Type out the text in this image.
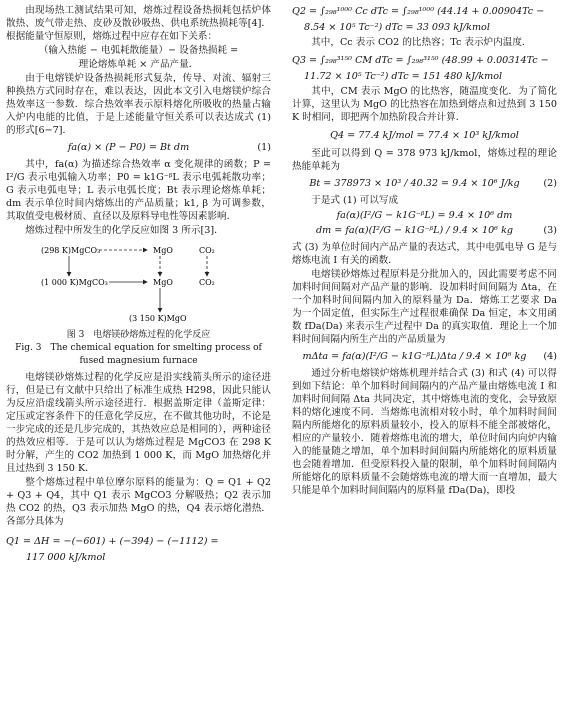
由现场热工测试结果可知，熔炼过程设备热损耗包括炉体散热、废气带走热、皮砂及散砂吸热、供电系统热损耗等[4]．根据能量守恒原则，熔炼过程中应存在如下关系：

（输入热能 − 电弧耗散能量）− 设备热损耗 =

理论熔炼单耗 × 产品产量．

由于电熔镁炉设备热损耗形式复杂，传导、对流、辐射三种换热方式同时存在，难以表达，因此本文引入电熔镁炉综合热效率这一参数．综合热效率表示原料熔化所吸收的热量占输入炉内电能的比值，于是上述能量守恒关系可以表达成式 (1) 的形式[6−7]．

fa(α) × (P − P0) = Bt dm	(1)

其中，fa(α) 为描述综合热效率 α 变化规律的函数；P = I²/G 表示电弧输入功率；P0 = k1G⁻ᵝL 表示电弧耗散功率；G 表示电弧电导；L 表示电弧长度；Bt 表示理论熔炼单耗；dm 表示单位时间内熔炼出的产品质量；k1, β 为可调参数，其取值受电极材质、直径以及原料导电性等因素影响．

熔炼过程中所发生的化学反应如图 3 所示[3]．

(298 K)MgCO₃	MgO	CO₂
(1 000 K)MgCO₃	MgO	CO₂
(3 150 K)MgO

图 3　电熔镁砂熔炼过程的化学反应

Fig. 3　The chemical equation for smelting process of

fused magnesium furnace

电熔镁砂熔炼过程的化学反应是沿实线箭头所示的途径进行，但是已有文献中只给出了标准生成热 H298，因此只能认为反应沿虚线箭头所示途径进行．根据盖斯定律（盖斯定律：定压或定容条件下的任意化学反应，在不做其他功时，不论是一步完成的还是几步完成的，其热效应总是相同的），两种途径的热效应相等．于是可以认为熔炼过程是 MgCO3 在 298 K 时分解，产生的 CO2 加热到 1 000 K，而 MgO 加热熔化并且过热到 3 150 K．

整个熔炼过程中单位摩尔原料的能量为：Q = Q1 + Q2 + Q3 + Q4，其中 Q1 表示 MgCO3 分解吸热；Q2 表示加热 CO2 的热，Q3 表示加热 MgO 的热，Q4 表示熔化潜热．各部分具体为

Q1 = ΔH = −(−601) + (−394) − (−1112) =

117 000 kJ/kmol

Q2 = ∫₂₉₈¹⁰⁰⁰ Cc dTc = ∫₂₉₈¹⁰⁰⁰ (44.14 + 0.00904Tc −

8.54 × 10⁵ Tc⁻²) dTc = 33 093 kJ/kmol

其中，Cc 表示 CO2 的比热容；Tc 表示炉内温度．

Q3 = ∫₂₉₈³¹⁵⁰ CM dTc = ∫₂₉₈³¹⁵⁰ (48.99 + 0.00314Tc −

11.72 × 10⁵ Tc⁻²) dTc = 151 480 kJ/kmol

其中，CM 表示 MgO 的比热容，随温度变化．为了简化计算，这里认为 MgO 的比热容在加热到熔点和过热到 3 150 K 时相同，即把两个加热阶段合并计算．

Q4 = 77.4 kJ/mol = 77.4 × 10³ kJ/kmol

至此可以得到 Q = 378 973 kJ/kmol，熔炼过程的理论热能单耗为

Bt = 378973 × 10³ / 40.32 = 9.4 × 10⁶ J/kg	(2)

于是式 (1) 可以写成

fa(α)(I²/G − k1G⁻ᵝL) = 9.4 × 10⁶ dm

dm = fa(α)(I²/G − k1G⁻ᵝL) / 9.4 × 10⁶ kg	(3)

式 (3) 为单位时间内产品产量的表达式，其中电弧电导 G 是与熔炼电流 I 有关的函数．

电熔镁砂熔炼过程原料是分批加入的，因此需要考虑不同加料时间间隔对产品产量的影响．设加料时间间隔为 Δta，在一个加料时间间隔内加入的原料量为 Da．熔炼工艺要求 Da 为一个固定值，但实际生产过程很难确保 Da 恒定，本文用函数 fDa(Da) 来表示生产过程中 Da 的真实取值．理论上一个加料时间间隔内所生产出的产品质量为

mΔta = fa(α)(I²/G − k1G⁻ᵝL)Δta / 9.4 × 10⁶ kg	(4)

通过分析电熔镁炉熔炼机理并结合式 (3) 和式 (4) 可以得到如下结论：单个加料时间间隔内的产品产量由熔炼电流 I 和加料时间间隔 Δta 共同决定，其中熔炼电流的变化，会导致原料的熔化速度不同．当熔炼电流相对较小时，单个加料时间间隔内所能熔化的原料质量较小，投入的原料不能全部被熔化，相应的产量较小．随着熔炼电流的增大，单位时间内向炉内输入的能量随之增加，单个加料时间间隔内所能熔化的原料质量也会随着增加．但受原料投入量的限制，单个加料时间间隔内所能熔化的原料质量不会随熔炼电流的增大而一直增加，最大只能是单个加料时间间隔内的原料量 fDa(Da)，即投
